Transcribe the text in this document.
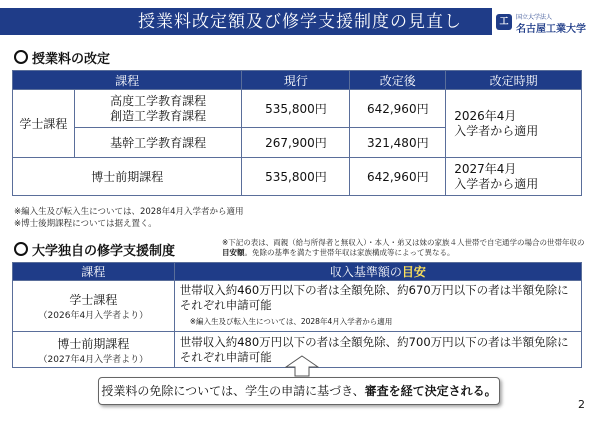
授業料改定額及び修学支援制度の見直し	工	国立大学法人
名古屋工業大学
授業料の改定
課程		現行	改定後	改定時期
学士課程	高度工学教育課程
創造工学教育課程	535,800円	642,960円	2026年4月
入学者から適用
	基幹工学教育課程	267,900円	321,480円	
博士前期課程		535,800円	642,960円	2027年4月
入学者から適用
※編入生及び転入生については、2028年4月入学者から適用
※博士後期課程については据え置く。
大学独自の修学支援制度
※下記の表は、両親（給与所得者と無収入）・本人・弟又は妹の家族４人世帯で自宅通学の場合の世帯年収の目安額。免除の基準を満たす世帯年収は家族構成等によって異なる。
課程	収入基準額の目安
学士課程
（2026年4月入学者より）	世帯収入約460万円以下の者は全額免除、約670万円以下の者は半額免除にそれぞれ申請可能
※編入生及び転入生については、2028年4月入学者から適用

博士前期課程
（2027年4月入学者より）	世帯収入約480万円以下の者は全額免除、約700万円以下の者は半額免除にそれぞれ申請可能
授業料の免除については、学生の申請に基づき、審査を経て決定される。
2
